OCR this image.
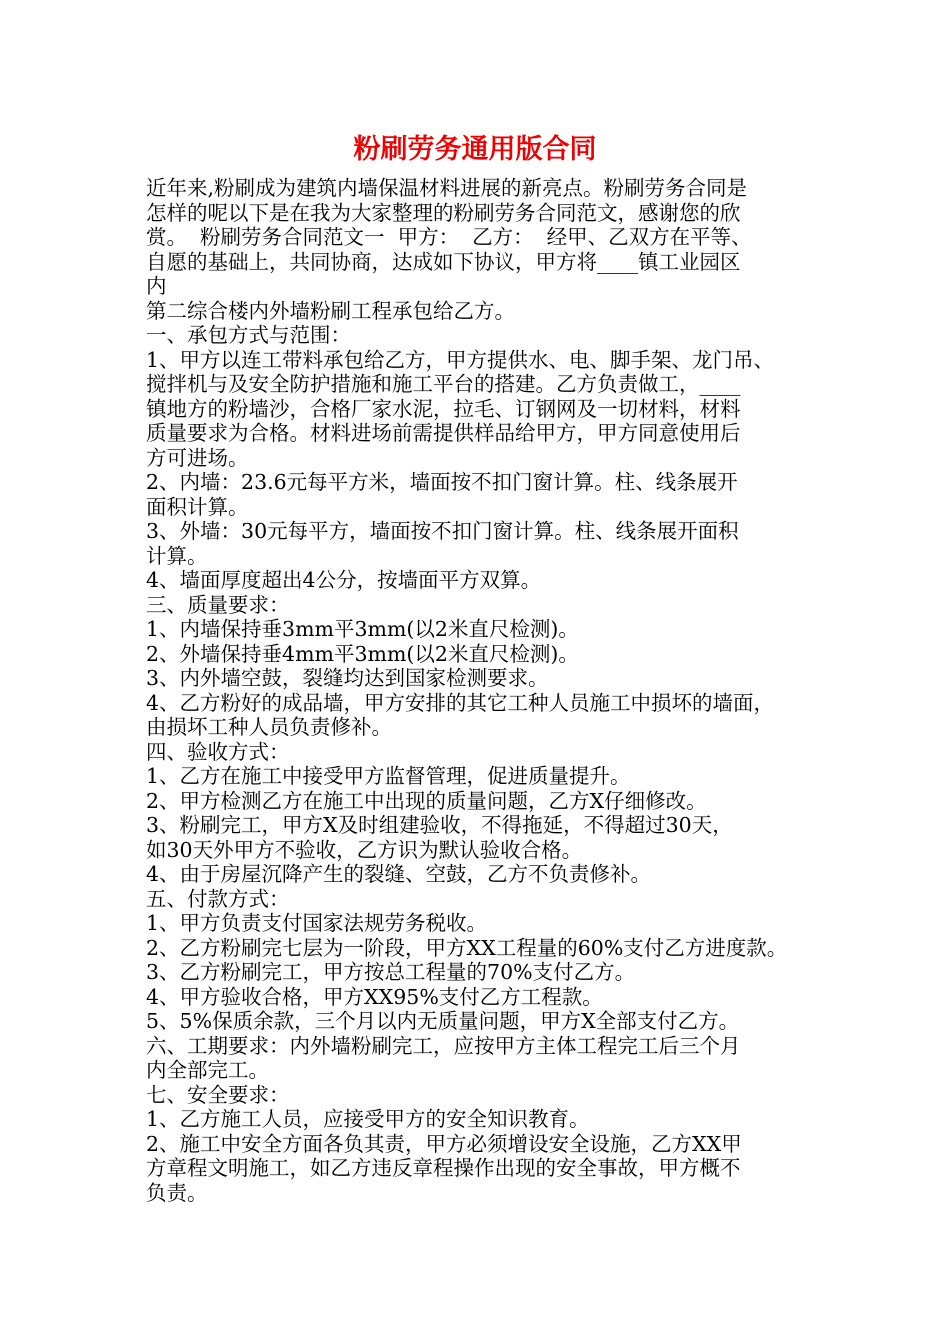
粉刷劳务通用版合同
近年来,粉刷成为建筑内墙保温材料进展的新亮点。粉刷劳务合同是
怎样的呢以下是在我为大家整理的粉刷劳务合同范文，感谢您的欣
赏。  粉刷劳务合同范文一  甲方：  乙方：  经甲、乙双方在平等、
自愿的基础上，共同协商，达成如下协议，甲方将____镇工业园区
内
第二综合楼内外墙粉刷工程承包给乙方。
一、承包方式与范围：
1、甲方以连工带料承包给乙方，甲方提供水、电、脚手架、龙门吊、
搅拌机与及安全防护措施和施工平台的搭建。乙方负责做工，____
镇地方的粉墙沙，合格厂家水泥，拉毛、订钢网及一切材料，材料
质量要求为合格。材料进场前需提供样品给甲方，甲方同意使用后
方可进场。
2、内墙：23.6元每平方米，墙面按不扣门窗计算。柱、线条展开
面积计算。
3、外墙：30元每平方，墙面按不扣门窗计算。柱、线条展开面积
计算。
4、墙面厚度超出4公分，按墙面平方双算。
三、质量要求：
1、内墙保持垂3mm平3mm(以2米直尺检测)。
2、外墙保持垂4mm平3mm(以2米直尺检测)。
3、内外墙空鼓，裂缝均达到国家检测要求。
4、乙方粉好的成品墙，甲方安排的其它工种人员施工中损坏的墙面，
由损坏工种人员负责修补。
四、验收方式：
1、乙方在施工中接受甲方监督管理，促进质量提升。
2、甲方检测乙方在施工中出现的质量问题，乙方X仔细修改。
3、粉刷完工，甲方X及时组建验收，不得拖延，不得超过30天，
如30天外甲方不验收，乙方识为默认验收合格。
4、由于房屋沉降产生的裂缝、空鼓，乙方不负责修补。
五、付款方式：
1、甲方负责支付国家法规劳务税收。
2、乙方粉刷完七层为一阶段，甲方XX工程量的60%支付乙方进度款。
3、乙方粉刷完工，甲方按总工程量的70%支付乙方。
4、甲方验收合格，甲方XX95%支付乙方工程款。
5、5%保质余款，三个月以内无质量问题，甲方X全部支付乙方。
六、工期要求：内外墙粉刷完工，应按甲方主体工程完工后三个月
内全部完工。
七、安全要求：
1、乙方施工人员，应接受甲方的安全知识教育。
2、施工中安全方面各负其责，甲方必须增设安全设施，乙方XX甲
方章程文明施工，如乙方违反章程操作出现的安全事故，甲方概不
负责。
